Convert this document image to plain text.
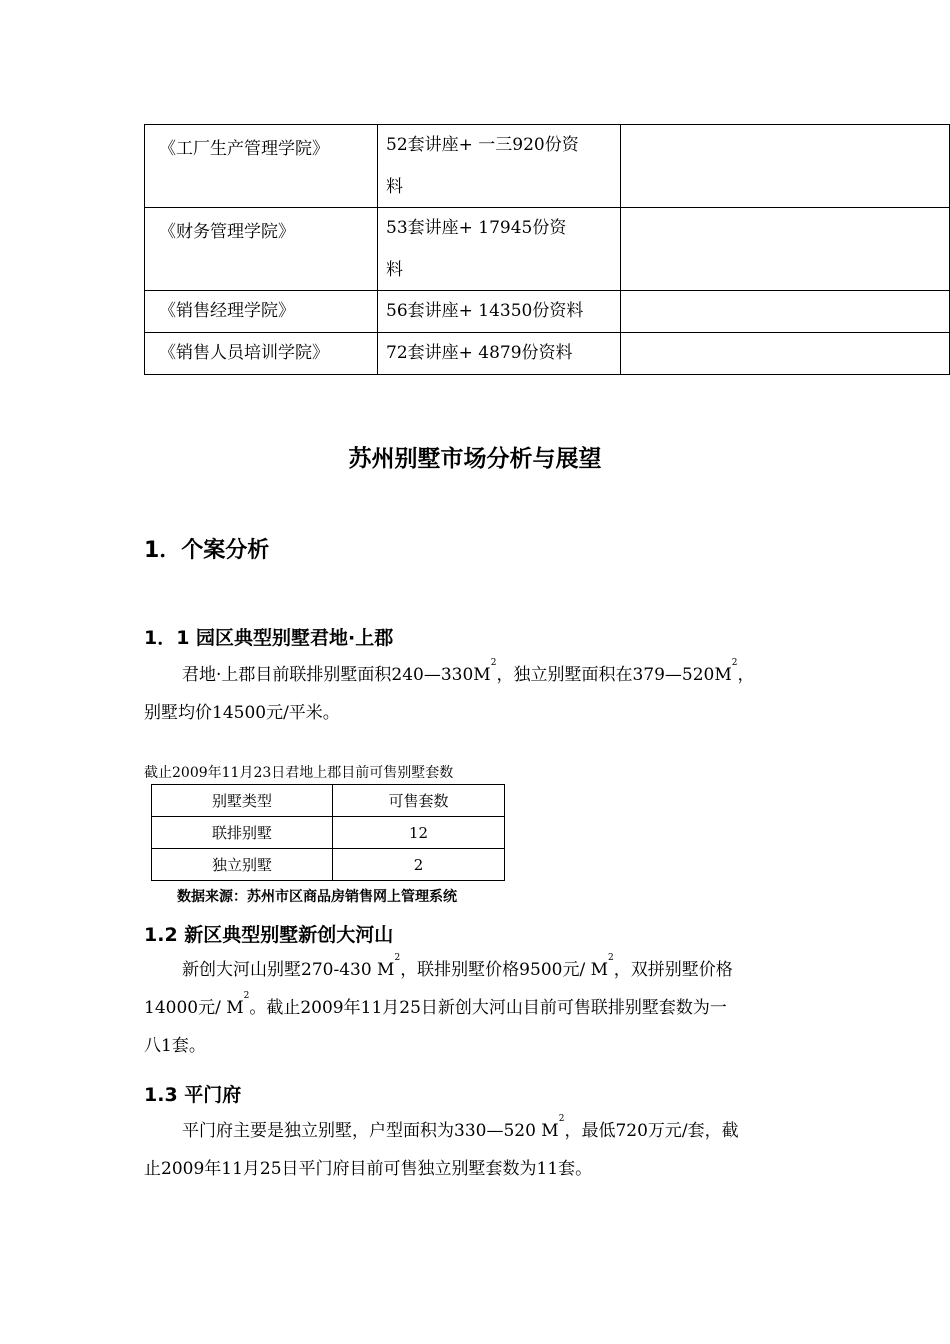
《工厂生产管理学院》	52套讲座+ 一三920份资
料	

《财务管理学院》	53套讲座+ 17945份资
料	

《销售经理学院》	56套讲座+ 14350份资料	

《销售人员培训学院》	72套讲座+ 4879份资料	

苏州别墅市场分析与展望
1．个案分析
1．1 园区典型别墅君地·上郡
君地·上郡目前联排别墅面积$240—330M^2$，独立别墅面积在$379—520M^2$，
别墅均价14500元/平米。
截止2009年11月23日君地上郡目前可售别墅套数
别墅类型	可售套数
联排别墅	12
独立别墅	2
数据来源：苏州市区商品房销售网上管理系统
1.2 新区典型别墅新创大河山
新创大河山别墅270-430 $M^2$，联排别墅价格9500元/ $M^2$，双拼别墅价格
14000元/ $M^2$。截止2009年11月25日新创大河山目前可售联排别墅套数为一
八1套。
1.3 平门府
平门府主要是独立别墅，户型面积为330—520 $M^2$，最低720万元/套，截
止2009年11月25日平门府目前可售独立别墅套数为11套。
